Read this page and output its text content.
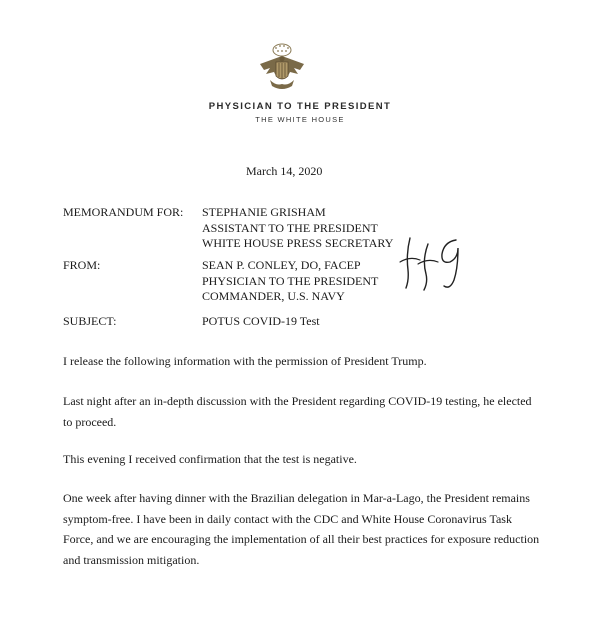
PHYSICIAN TO THE PRESIDENT
THE WHITE HOUSE
March 14, 2020
MEMORANDUM FOR: STEPHANIE GRISHAM
ASSISTANT TO THE PRESIDENT
WHITE HOUSE PRESS SECRETARY
FROM:	SEAN P. CONLEY, DO, FACEP
PHYSICIAN TO THE PRESIDENT
COMMANDER, U.S. NAVY
SUBJECT:	POTUS COVID-19 Test
I release the following information with the permission of President Trump.
Last night after an in-depth discussion with the President regarding COVID-19 testing, he elected to proceed.
This evening I received confirmation that the test is negative.
One week after having dinner with the Brazilian delegation in Mar-a-Lago, the President remains symptom-free. I have been in daily contact with the CDC and White House Coronavirus Task Force, and we are encouraging the implementation of all their best practices for exposure reduction and transmission mitigation.
